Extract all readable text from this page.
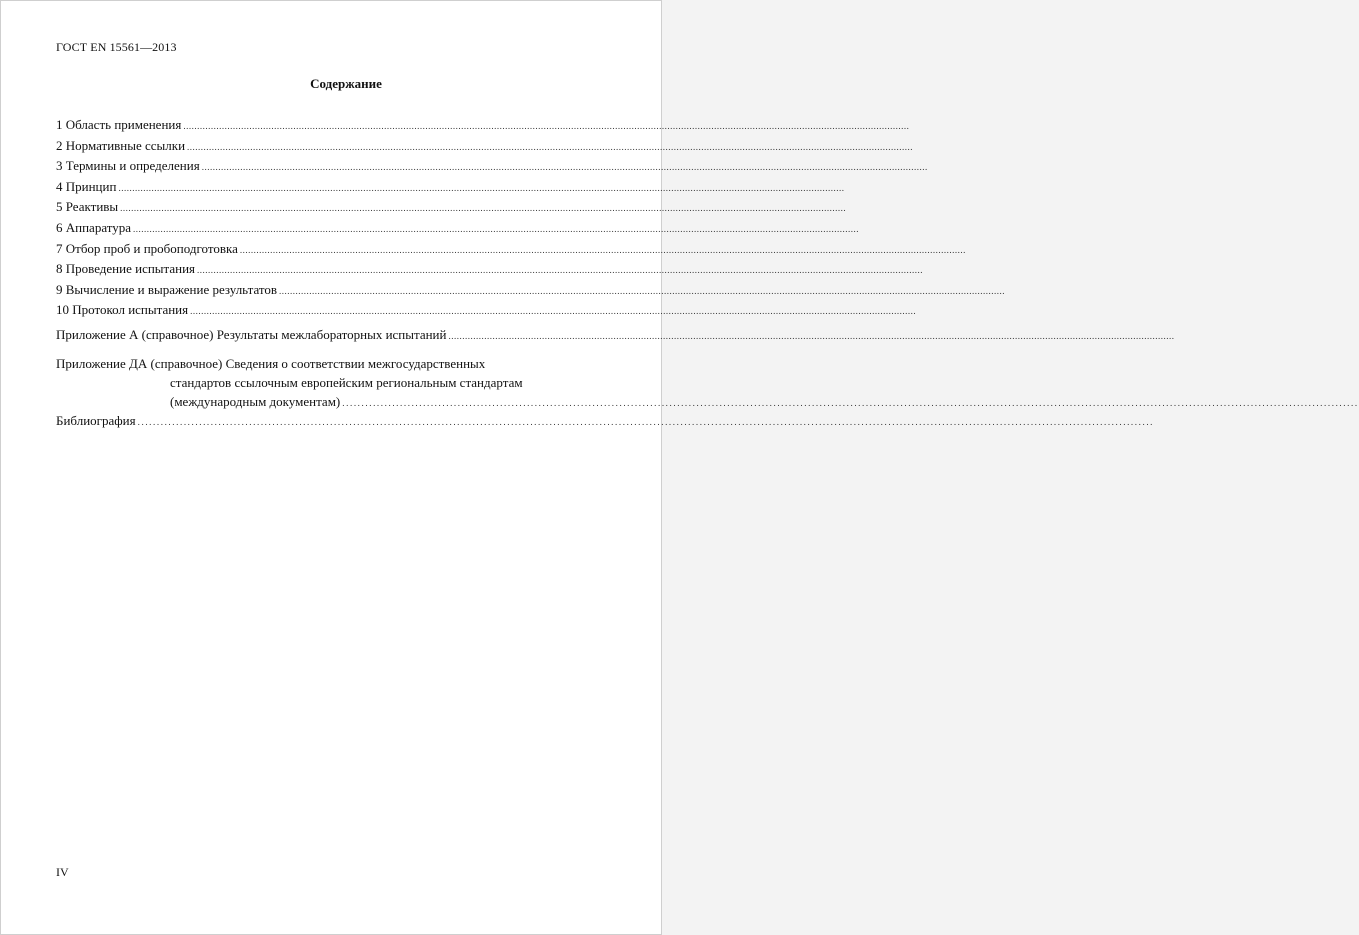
ГОСТ EN 15561—2013
Содержание
1 Область применения ........................................................................................................................................................................................................................................................................
2 Нормативные ссылки ........................................................................................................................................................................................................................................................................
3 Термины и определения ........................................................................................................................................................................................................................................................................
4 Принцип ........................................................................................................................................................................................................................................................................
5 Реактивы ........................................................................................................................................................................................................................................................................
6 Аппаратура ........................................................................................................................................................................................................................................................................
7 Отбор проб и пробоподготовка ........................................................................................................................................................................................................................................................................
8 Проведение испытания ........................................................................................................................................................................................................................................................................
9 Вычисление и выражение результатов ........................................................................................................................................................................................................................................................................
10 Протокол испытания ........................................................................................................................................................................................................................................................................
Приложение А (справочное) Результаты межлабораторных испытаний ........................................................................................................................................................................................................................................................................
Приложение ДА (справочное) Сведения о соответствии межгосударственных
стандартов ссылочным европейским региональным стандартам
(международным документам) ........................................................................................................................................................................................................................................................................
Библиография ........................................................................................................................................................................................................................................................................
IV
